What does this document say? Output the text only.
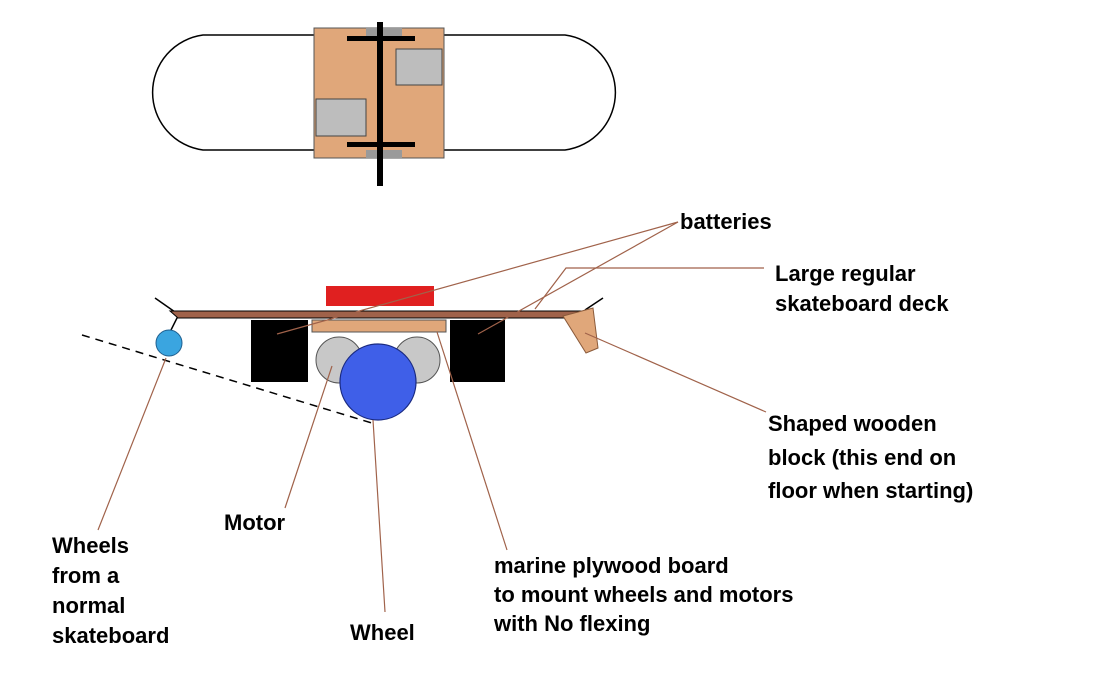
batteries
Large regular
skateboard deck
Shaped wooden
block (this end on
floor when starting)
Motor
Wheels
from a
normal
skateboard
marine plywood board
to mount wheels and motors
with No flexing
Wheel
